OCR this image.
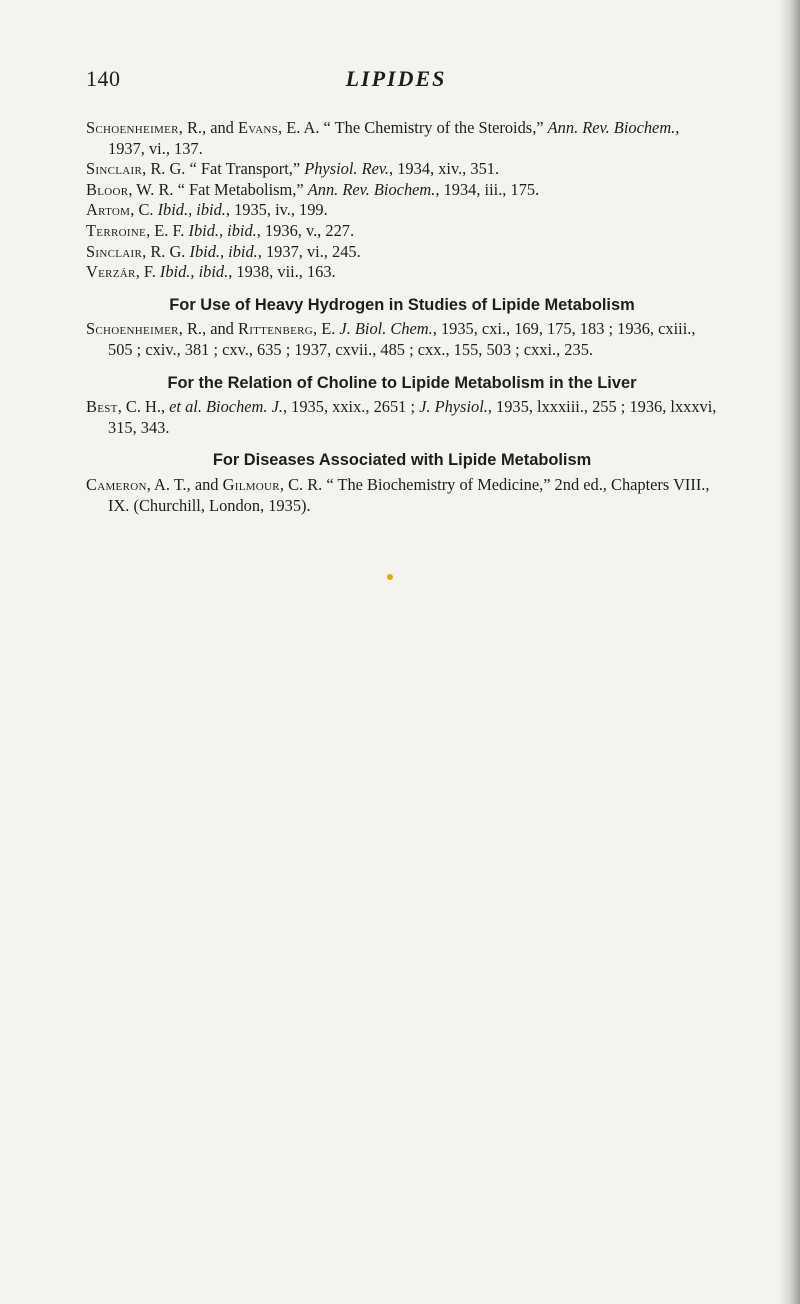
140	LIPIDES

Schoenheimer, R., and Evans, E. A. “ The Chemistry of the Steroids,” Ann. Rev. Biochem., 1937, vi., 137.

Sinclair, R. G. “ Fat Transport,” Physiol. Rev., 1934, xiv., 351.

Bloor, W. R. “ Fat Metabolism,” Ann. Rev. Biochem., 1934, iii., 175.

Artom, C. Ibid., ibid., 1935, iv., 199.

Terroine, E. F. Ibid., ibid., 1936, v., 227.

Sinclair, R. G. Ibid., ibid., 1937, vi., 245.

Verzár, F. Ibid., ibid., 1938, vii., 163.

For Use of Heavy Hydrogen in Studies of Lipide Metabolism

Schoenheimer, R., and Rittenberg, E. J. Biol. Chem., 1935, cxi., 169, 175, 183 ; 1936, cxiii., 505 ; cxiv., 381 ; cxv., 635 ; 1937, cxvii., 485 ; cxx., 155, 503 ; cxxi., 235.

For the Relation of Choline to Lipide Metabolism in the Liver

Best, C. H., et al. Biochem. J., 1935, xxix., 2651 ; J. Physiol., 1935, lxxxiii., 255 ; 1936, lxxxvi, 315, 343.

For Diseases Associated with Lipide Metabolism

Cameron, A. T., and Gilmour, C. R. “ The Biochemistry of Medicine,” 2nd ed., Chapters VIII., IX. (Churchill, London, 1935).
